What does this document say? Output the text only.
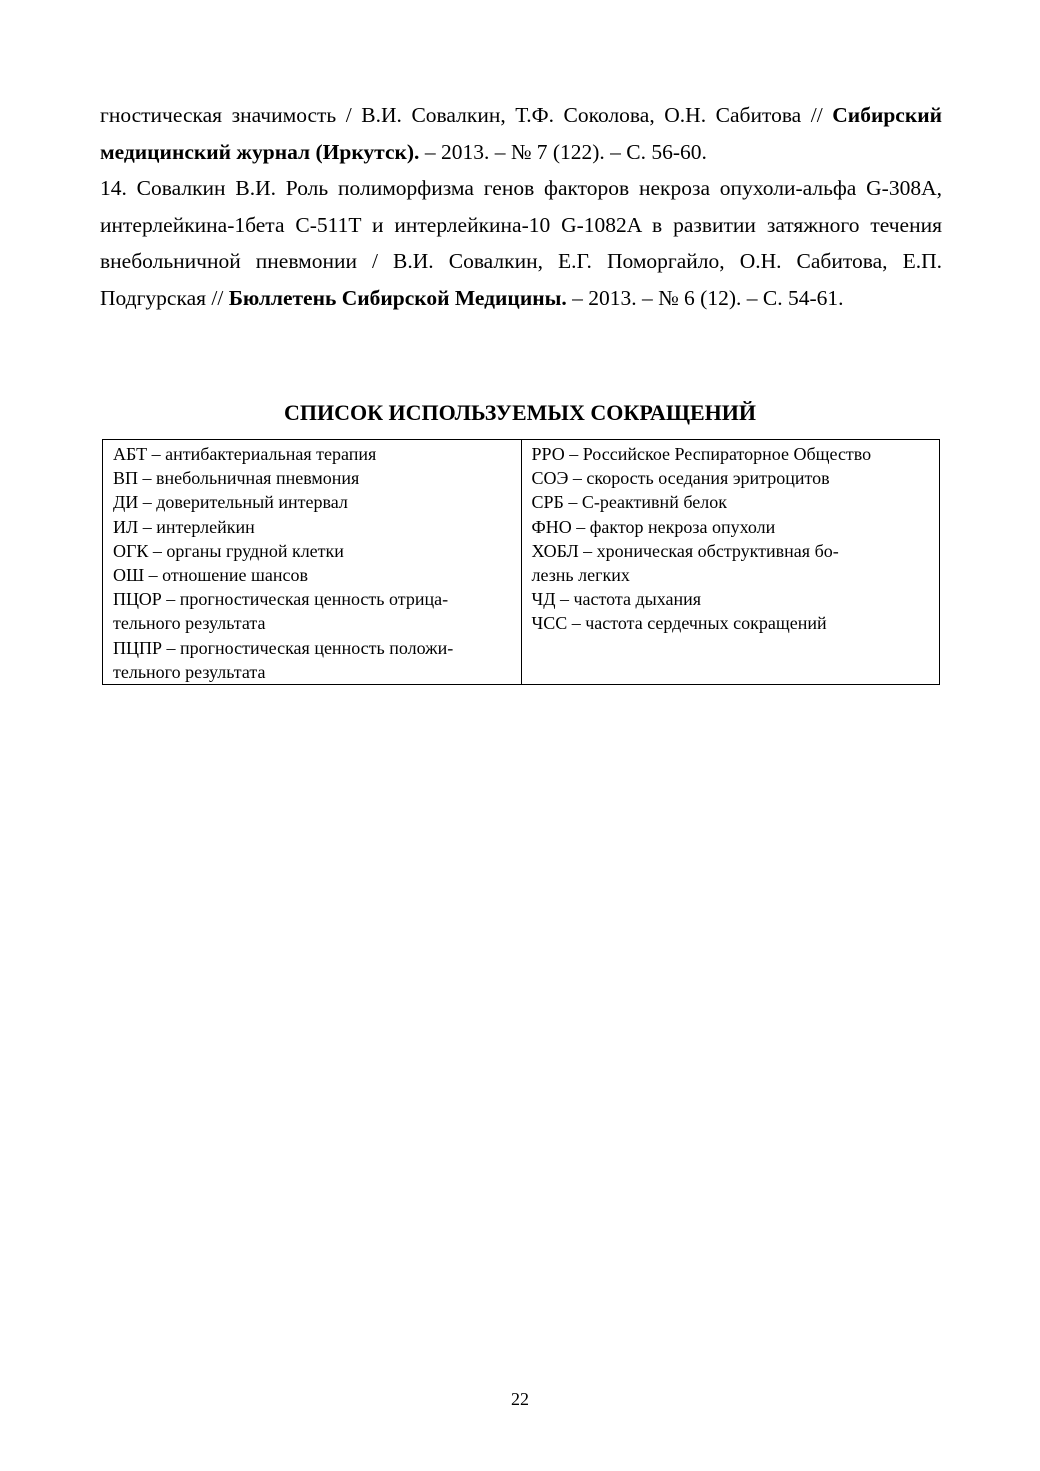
гностическая значимость / В.И. Совалкин, Т.Ф. Соколова, О.Н. Сабитова // Сибирский медицинский журнал (Иркутск). – 2013. – № 7 (122). – С. 56-60.

14. Совалкин В.И. Роль полиморфизма генов факторов некроза опухоли-альфа G-308A, интерлейкина-1бета C-511T и интерлейкина-10 G-1082A в развитии затяжного течения внебольничной пневмонии / В.И. Совалкин, Е.Г. Поморгайло, О.Н. Сабитова, Е.П. Подгурская // Бюллетень Сибирской Медицины. – 2013. – № 6 (12). – С. 54-61.

СПИСОК ИСПОЛЬЗУЕМЫХ СОКРАЩЕНИЙ
АБТ – антибактериальная терапия
ВП – внебольничная пневмония
ДИ – доверительный интервал
ИЛ – интерлейкин
ОГК – органы грудной клетки
ОШ – отношение шансов
ПЦОР – прогностическая ценность отрица-
тельного результата
ПЦПР – прогностическая ценность положи-
тельного результата

РРО – Российское Респираторное Общество
СОЭ – скорость оседания эритроцитов
СРБ – С-реактивнй белок
ФНО – фактор некроза опухоли
ХОБЛ – хроническая обструктивная бо-
лезнь легких
ЧД – частота дыхания
ЧСС – частота сердечных сокращений
22
